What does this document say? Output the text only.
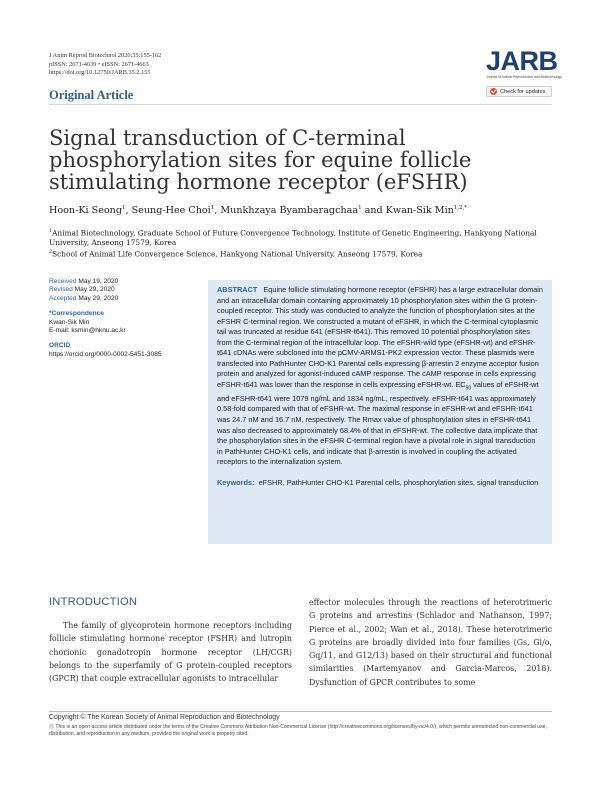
J Anim Reprod Biotechnol 2020;35:155-162
pISSN: 2671-4639 • eISSN: 2671-4663
https://doi.org/10.12750/JARB.35.2.155
Original Article
JARB
Journal of Animal Reproduction and Biotechnology
Check for updates
Signal transduction of C-terminal phosphorylation sites for equine follicle stimulating hormone receptor (eFSHR)
Hoon-Ki Seong$^1$, Seung-Hee Choi$^1$, Munkhzaya Byambaragchaa$^1$ and Kwan-Sik Min$^{1,2,*}$
$^1$Animal Biotechnology, Graduate School of Future Convergence Technology, Institute of Genetic Engineering, Hankyong National University, Anseong 17579, Korea
$^2$School of Animal Life Convergence Science, Hankyong National University, Anseong 17579, Korea
Received May 19, 2020
Revised May 29, 2020
Accepted May 29, 2020
*Correspondence
Kwan-Sik Min
E-mail: ksmin@hknu.ac.kr
ORCID
https://orcid.org/0000-0002-5451-3085
ABSTRACT Equine follicle stimulating hormone receptor (eFSHR) has a large extracellular domain and an intracellular domain containing approximately 10 phosphorylation sites within the G protein-coupled receptor. This study was conducted to analyze the function of phosphorylation sites at the eFSHR C-terminal region. We constructed a mutant of eFSHR, in which the C-terminal cytoplasmic tail was truncated at residue 641 (eFSHR-t641). This removed 10 potential phosphorylation sites from the C-terminal region of the intracellular loop. The eFSHR-wild type (eFSHR-wt) and eFSHR-t641 cDNAs were subcloned into the pCMV-ARMS1-PK2 expression vector. These plasmids were transfected into PathHunter CHO-K1 Parental cells expressing β-arrestin 2 enzyme acceptor fusion protein and analyzed for agonist-induced cAMP response. The cAMP response in cells expressing eFSHR-t641 was lower than the response in cells expressing eFSHR-wt. $EC_{50}$ values of eFSHR-wt and eFSHR-t641 were 1079 ng/mL and 1834 ng/mL, respectively. eFSHR-t641 was approximately 0.58-fold compared with that of eFSHR-wt. The maximal response in eFSHR-wt and eFSHR-t641 was 24.7 nM and 16.7 nM, respectively. The Rmax value of phosphorylation sites in eFSHR-t641 was also decreased to approximately 68.4% of that in eFSHR-wt. The collective data implicate that the phosphorylation sites in the eFSHR C-terminal region have a pivotal role in signal transduction in PathHunter CHO-K1 cells, and indicate that β-arrestin is involved in coupling the activated receptors to the internalization system.
Keywords: eFSHR, PathHunter CHO-K1 Parental cells, phosphorylation sites, signal transduction
INTRODUCTION
The family of glycoprotein hormone receptors including follicle stimulating hormone receptor (FSHR) and lutropin chorionic gonadotropin hormone receptor (LH/CGR) belongs to the superfamily of G protein-coupled receptors (GPCR) that couple extracellular agonists to intracellular
effector molecules through the reactions of heterotrimeric G proteins and arrestins (Schlador and Nathanson, 1997; Pierce et al., 2002; Wan et al., 2018). These heterotrimeric G proteins are broadly divided into four families (Gs, Gi/o, Gq/11, and G12/13) based on their structural and functional similarities (Martemyanov and Garcia-Marcos, 2018). Dysfunction of GPCR contributes to some
Copyright © The Korean Society of Animal Reproduction and Biotechnology
Ⓡ This is an open-access article distributed under the terms of the Creative Commons Attribution Non-Commercial License (http://creativecommons.org/licenses/by-nc/4.0/), which permits unrestricted non-commercial use, distribution, and reproduction in any medium, provided the original work is properly cited.
